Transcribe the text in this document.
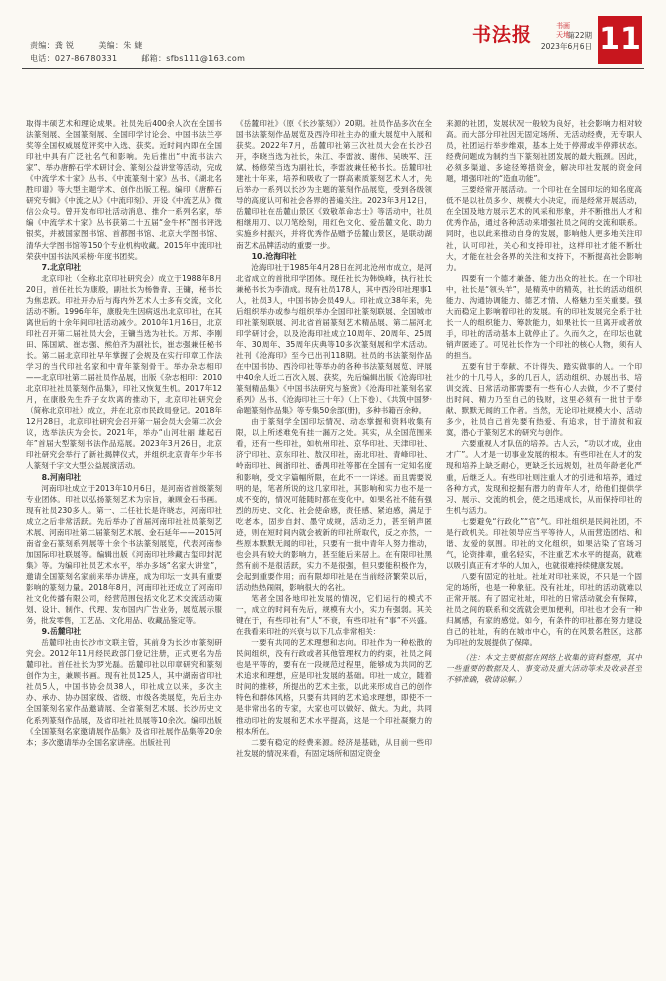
责编：龚 锐	美编：朱 婕
电话：027-86780331	邮箱：sfbs111@163.com
书法报	书画天地
第22期
2023年6月6日 11

取得丰硕艺术和理论成果。社员先后400余人次在全国书法篆刻展、全国篆刻展、全国印学讨论会、中国书法兰亭奖等全国权威展览评奖中入选、获奖。近时间内即在全国印社中具有广泛社名气和影响。先后推出“中流书法六家”、举办唐醉石学术研讨会、篆刻公益讲堂等活动，完成《中流学术十家》丛书、《中流篆刻十家》丛书、《湖北名胜印谱》等大型主题学术、创作出版工程。编印《唐醉石研究专辑》《中流之从》《中流印刻》、开设《中流艺从》微信公众号。曾开发布印社活动消息、推介一系列名家，举编《中流学术十家》丛书获第二十五届“金牛杯”图书评选银奖，并被国家图书馆、首都图书馆、北京大学图书馆、清华大学图书馆等150个专业机构收藏。2015年中流印社荣获中国书法风采榜·年度书团奖。

7.北京印社

北京印社（全称北京印社研究会）成立于1988年8月20日，首任社长为康殷，副社长为杨鲁青、王镛，秘书长为焦忠跃。印社开办后与海内外艺术人士多有交流，文化活动不断。1996年年，康殷先生因病返出北京印社，在其离世后的十余年间印社活动减少。2010年1月16日，北京印社召开第二届社员大会，王镛当选为社长。万邦、李刚田、陈国斌、崔志强、熊伯齐为副社长，崔志强兼任秘书长。第二届北京印社早年掌握了会规及在实行印章工作法学习的当代印社名家和中青年篆刻骨干。举办杂志相印——北京印社第二届社员作品展，出版《杂志相印：2010北京印社社员篆刻作品集》，印社又恢复生机。2017年12月，在康殷先生乔子女坎离的推动下，北京印社研究会（简称北京印社）成立，并在北京市民政局登记。2018年12月28日，北京印社研究会召开第一届会员大会第二次会议，选举法庆为会长。2021年，举办“山河壮丽 雄起百年”首届大型篆刻书法作品巡展。2023年3月26日，北京印社研究会举行了新社揭牌仪式，并组织北京青年少年书人篆刻千字文大型公益展演活动。

8.河南印社

河南印社成立于2013年10月6日，是河南省首级篆刻专业团体。印社以弘扬篆刻艺术为宗旨，兼顾金石书画。现有社员230多人。第一、二任社长是许晓志，河南印社成立之后非常活跃。先后举办了首届河南印社社员篆刻艺术展、河南印社第二届篆刻艺术展、金石延年——2015河南省金石篆刻系列展等十余个书法篆刻展览，代表河南参加国际印社联展等。编辑出版《河南印社珍藏古玺印封泥集》等。为编印社员艺术水平，举办多场“名家大讲堂”，邀请全国篆刻名家前来举办讲座，成为印坛一支具有重要影响的篆刻力量。2018年8月，河南印社还成立了河南印社文化传播有限公司，经营范围包括文化艺术交流活动策划、设计、制作、代理、发布国内广告业务，展览展示服务，批发零售，工艺品、文化用品、收藏品鉴定等。

9.岳麓印社

岳麓印社由长沙市文联主管，其前身为长沙市篆刻研究会。2012年11月经民政部门登记注册，正式更名为岳麓印社。首任社长为罗光磊。岳麓印社以印章研究和篆刻创作为主，兼顾书画。现有社员125人，其中湖南省印社社员5人，中国书协会员38人，印社成立以来，多次主办、承办、协办国家级、省级、市级各类展览，先后主办全国篆刻名家作品邀请展、全省篆刻艺术展、长沙历史文化系列篆刻作品展，及省印社社员展等10余次。编印出版《全国篆刻名家邀请展作品集》及省印社展作品集等20余本；多次邀请举办全国名家讲座。出版社刊

《岳麓印社》（原《长沙篆刻》）20期。社员作品多次在全国书法篆刻作品展览及西泠印社主办的重大展览中入展和获奖。2022年7月，岳麓印社第三次社员大会在长沙召开，李晓当选为社长，朱江、李雷波、谢伟、吴映军、汪斌、杨修荣当选为副社长，李雷波兼任秘书长。岳麓印社建社十年来，培养和吸收了一群高素质篆刻艺术人才，先后举办一系列以长沙为主题的篆刻作品展览，受到各级领导的高度认可和社会各界的普遍关注。2023年3月12日，岳麓印社在岳麓山景区《致敬革命志士》等活动中，社员相继用刀、以刀笔绘刻，用红色文化、爱岳麓文化、助力实施乡村振兴，并将优秀作品赠予岳麓山景区，是联动湖南艺术品牌活动的重要一步。

10.沧海印社

沧海印社于1985年4月28日在河北沧州市成立，是河北省成立的首批印学团体。现任社长为韩焕峰，执行社长兼秘书长为李清成。现有社员178人，其中西泠印社理事1人，社员3人，中国书协会员49人。印社成立38年来，先后组织举办或参与组织举办全国印社篆刻联展、全国城市印社篆刻联展、河北省首届篆刻艺术精品展、第二届河北印学研讨会，以及沧海印社成立10周年、20周年、25周年、30周年、35周年庆典等10多次篆刻展和学术活动。社刊《沧海印》至今已出刊118期。社员的书法篆刻作品在中国书协、西泠印社等举办的各种书法篆刻展览、评展中40余人近二百次入展、获奖，先后编辑出版《沧海印社篆刻精品集》《中国书法研究与鉴赏》《沧海印社篆刻名家系列》丛书、《沧海印社三十年》（上下卷）、《共筑中国梦·命题篆刻作品集》等专集50余部(册)，多种书籍百余种。

由于篆刻学全国印坛情况、动态掌握和资料收集有限，以上所述难免有挂一漏万之处。其实，从全国范围来看，还有一些印社，如杭州印社、京华印社、天津印社、济宁印社、京东印社、敖汉印社，南北印社、青峰印社、岭南印社、闽浙印社、番禺印社等都在全国有一定知名度和影响，受文字篇幅所限，在此不一一详述。而且需要说明的是，笔者所说的这几家印社，其影响和实力也不是一成不变的，情况可能随时都在变化中。如果名社不能有强烈的历史、文化、社会使命感，责任感、紧迫感，满足于吃老本，固步自封、墨守成规，活动乏力，甚至销声匿迹，则在短时间内就会被新的印社所取代，反之亦然，一些原本默默无闻的印社，只要有一批中青年人努力推动，也会具有较大的影响力，甚至能后来居上。在有限印社黑然有前不是很活跃，实力不是很强，但只要能积极作为，会起到重要作用；而有限却印社是在当前经济繁荣以后，活动热热闹闹，影响很大的名社。

笔者全国各地印社发展的情况，它们运行的模式不一，成立的时间有先后，规模有大小，实力有强弱。其关键在于，有些印社有“人”不衰，有些印社有“事”不兴盛。在我看来印社的兴衰与以下几点非常相关：

一要有共同的艺术理想和志向。印社作为一种松散的民间组织，没有行政或者其他管理权力的约束，社员之间也是平等的，要有在一段规范过程里，能够成为共同的艺术追求和理想，应是印社发展的基础。印社一成立，随着时间的推移，所提出的艺术主张，以此来形成自己的创作特色和群体风格，只要有共同的艺术追求理想，即使不一是非常出名的专家，大家也可以做好、做大。为此，共同推动印社的发展和艺术水平提高，这是一个印社凝聚力的根本所在。

二要有稳定的经费来源。经济是基础，从目前一些印社发展的情况来看，有固定场所和固定资金

来源的社团，发展状况一般较为良好，社会影响力相对较高。而大部分印社因无固定场所、无活动经费，无专职人员，社团运行举步维艰，基本上处于停滞或半停滞状态。经费问题成为制约当下篆刻社团发展的最大瓶颈。因此，必须多渠道、多途径筹措资金，解决印社发展的资金问题，增强印社的“造血功能”。

三要经常开展活动。一个印社在全国印坛的知名度高低不是以社员多少、规模大小决定，而是经常开展活动，在全国及地方展示艺术的风采和形象，并不断推出人才和优秀作品，通过各种活动来增强社员之间的交流和联系。同时，也以此来推动自身的发展，影响他人更多地关注印社，认可印社，关心和支持印社，这样印社才能不断壮大，才能在社会各界的关注和支持下，不断提高社会影响力。

四要有一个德才兼备、能力出众的社长。在一个印社中，社长是“领头羊”，是精英中的精英，社长的活动组织能力、沟通协调能力、德艺才情、人格魅力至关重要。强大而稳定上影响着印社的发展。有的印社发展完全系于社长一人的组织能力、筹款能力，如果社长一旦离开或者放手，印社的活动基本上就停止了。久而久之，在印坛也就销声匿迹了。可见社长作为一个印社的核心人物，须有人的担当。

五要有甘于奉献、不计得失、踏实做事的人。一个印社少的十几号人，多的几百人，活动组织、办展出书、培训交流、日常活动都需要有一些有心人去做，少不了要付出时间、精力乃至自己的钱财，这里必须有一批甘于奉献、默默无闻的工作者。当然，无论印社规模大小、活动多少，社员自己首先要有热爱、有追求，甘于清贫和寂寞，潜心于篆刻艺术的研究与创作。

六要重视人才队伍的培养。古人云，“功以才成，业由才广”。人才是一切事业发展的根本。有些印社在人才的发现和培养上缺乏耐心，更缺乏长远规划，社员年龄老化严重，后继乏人。有些印社则注重人才的引进和培养，通过各种方式，发现和挖掘有潜力的青年人才，给他们提供学习、展示、交流的机会，使之迅速成长，从而保持印社的生机与活力。

七要避免“行政化”“官”气。印社组织是民间社团，不是行政机关。印社领导应当平等待人，从而营造团结、和谐、友爱的氛围。印社的文化组织，如果沾染了官场习气，论资排辈，重名轻实，不注重艺术水平的提高，就难以吸引真正有才华的人加入，也就很难持续健康发展。

八要有固定的社址。社址对印社来说，不只是一个固定的场所，也是一种象征。没有社址，印社的活动就难以正常开展。有了固定社址，印社的日常活动就会有保障，社员之间的联系和交流就会更加便利，印社也才会有一种归属感，有家的感觉。如今，有条件的印社都在努力建设自己的社址，有的在城市中心，有的在风景名胜区，这都为印社的发展提供了保障。

（注：本文主要根据在网络上收集的资料整理，其中一些重要的数据及人、事变动及重大活动等未及收录甚至不够准确，敬请谅解。）
